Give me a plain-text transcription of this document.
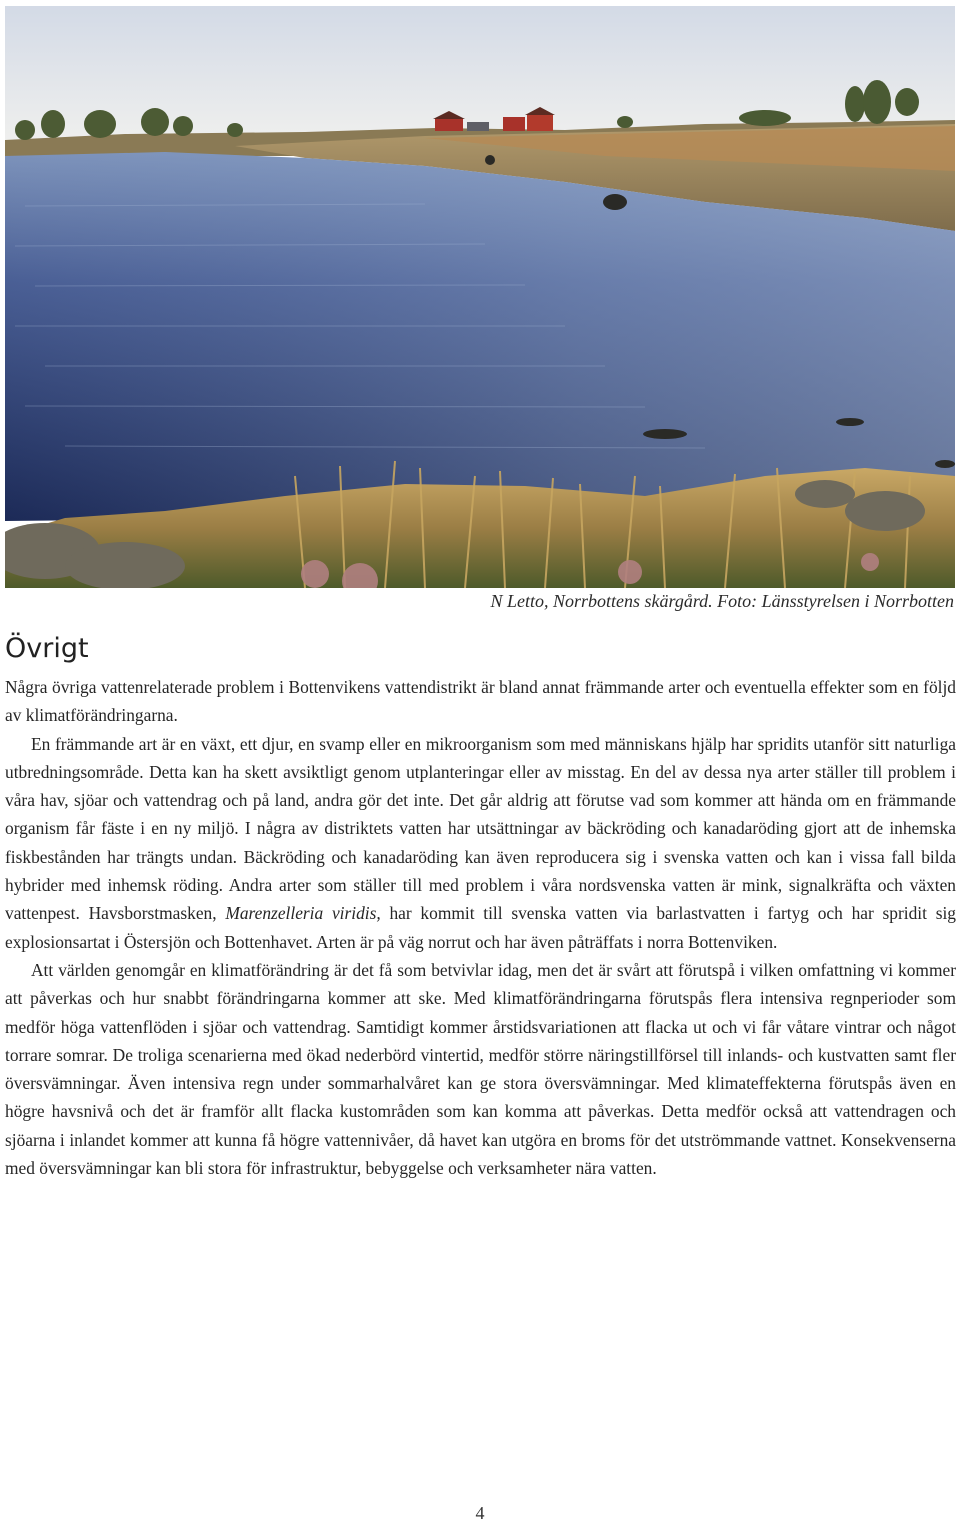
N Letto, Norrbottens skärgård. Foto: Länsstyrelsen i Norrbotten
Övrigt

Några övriga vattenrelaterade problem i Bottenvikens vattendistrikt är bland annat främmande arter och eventuella effekter som en följd av klimatförändringarna.

En främmande art är en växt, ett djur, en svamp eller en mikroorganism som med människans hjälp har spridits utanför sitt naturliga utbredningsområde. Detta kan ha skett avsiktligt genom utplanteringar eller av misstag. En del av dessa nya arter ställer till problem i våra hav, sjöar och vattendrag och på land, andra gör det inte. Det går aldrig att förutse vad som kommer att hända om en främmande organism får fäste i en ny miljö. I några av distriktets vatten har utsättningar av bäckröding och kanadaröding gjort att de inhemska fiskbestånden har trängts undan. Bäckröding och kanadaröding kan även reproducera sig i svenska vatten och kan i vissa fall bilda hybrider med inhemsk röding. Andra arter som ställer till med problem i våra nordsvenska vatten är mink, signalkräfta och växten vattenpest. Havsborstmasken, Marenzelleria viridis, har kommit till svenska vatten via barlastvatten i fartyg och har spridit sig explosionsartat i Östersjön och Bottenhavet. Arten är på väg norrut och har även påträffats i norra Bottenviken.

Att världen genomgår en klimatförändring är det få som betvivlar idag, men det är svårt att förutspå i vilken omfattning vi kommer att påverkas och hur snabbt förändringarna kommer att ske. Med klimatförändringarna förutspås flera intensiva regnperioder som medför höga vattenflöden i sjöar och vattendrag. Samtidigt kommer årstidsvariationen att flacka ut och vi får våtare vintrar och något torrare somrar. De troliga scenarierna med ökad nederbörd vintertid, medför större näringstillförsel till inlands- och kustvatten samt fler översvämningar. Även intensiva regn under sommarhalvåret kan ge stora översvämningar. Med klimateffekterna förutspås även en högre havsnivå och det är framför allt flacka kustområden som kan komma att påverkas. Detta medför också att vattendragen och sjöarna i inlandet kommer att kunna få högre vattennivåer, då havet kan utgöra en broms för det utströmmande vattnet. Konsekvenserna med översvämningar kan bli stora för infrastruktur, bebyggelse och verksamheter nära vatten.

4
